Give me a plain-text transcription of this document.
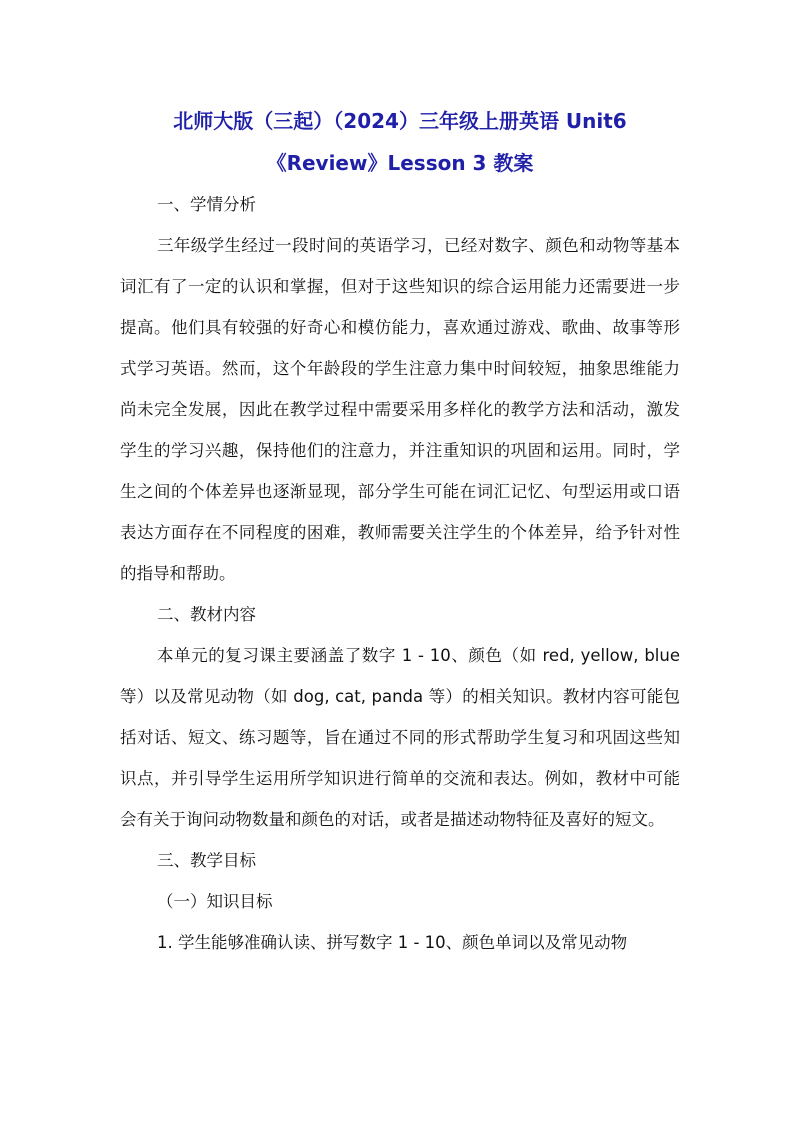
北师大版（三起）（2024）三年级上册英语 Unit6
《Review》Lesson 3 教案
一、学情分析

三年级学生经过一段时间的英语学习，已经对数字、颜色和动物等基本词汇有了一定的认识和掌握，但对于这些知识的综合运用能力还需要进一步提高。他们具有较强的好奇心和模仿能力，喜欢通过游戏、歌曲、故事等形式学习英语。然而，这个年龄段的学生注意力集中时间较短，抽象思维能力尚未完全发展，因此在教学过程中需要采用多样化的教学方法和活动，激发学生的学习兴趣，保持他们的注意力，并注重知识的巩固和运用。同时，学生之间的个体差异也逐渐显现，部分学生可能在词汇记忆、句型运用或口语表达方面存在不同程度的困难，教师需要关注学生的个体差异，给予针对性的指导和帮助。

二、教材内容

本单元的复习课主要涵盖了数字 1 - 10、颜色（如 red, yellow, blue 等）以及常见动物（如 dog, cat, panda 等）的相关知识。教材内容可能包括对话、短文、练习题等，旨在通过不同的形式帮助学生复习和巩固这些知识点，并引导学生运用所学知识进行简单的交流和表达。例如，教材中可能会有关于询问动物数量和颜色的对话，或者是描述动物特征及喜好的短文。

三、教学目标
（一）知识目标

1. 学生能够准确认读、拼写数字 1 - 10、颜色单词以及常见动物
